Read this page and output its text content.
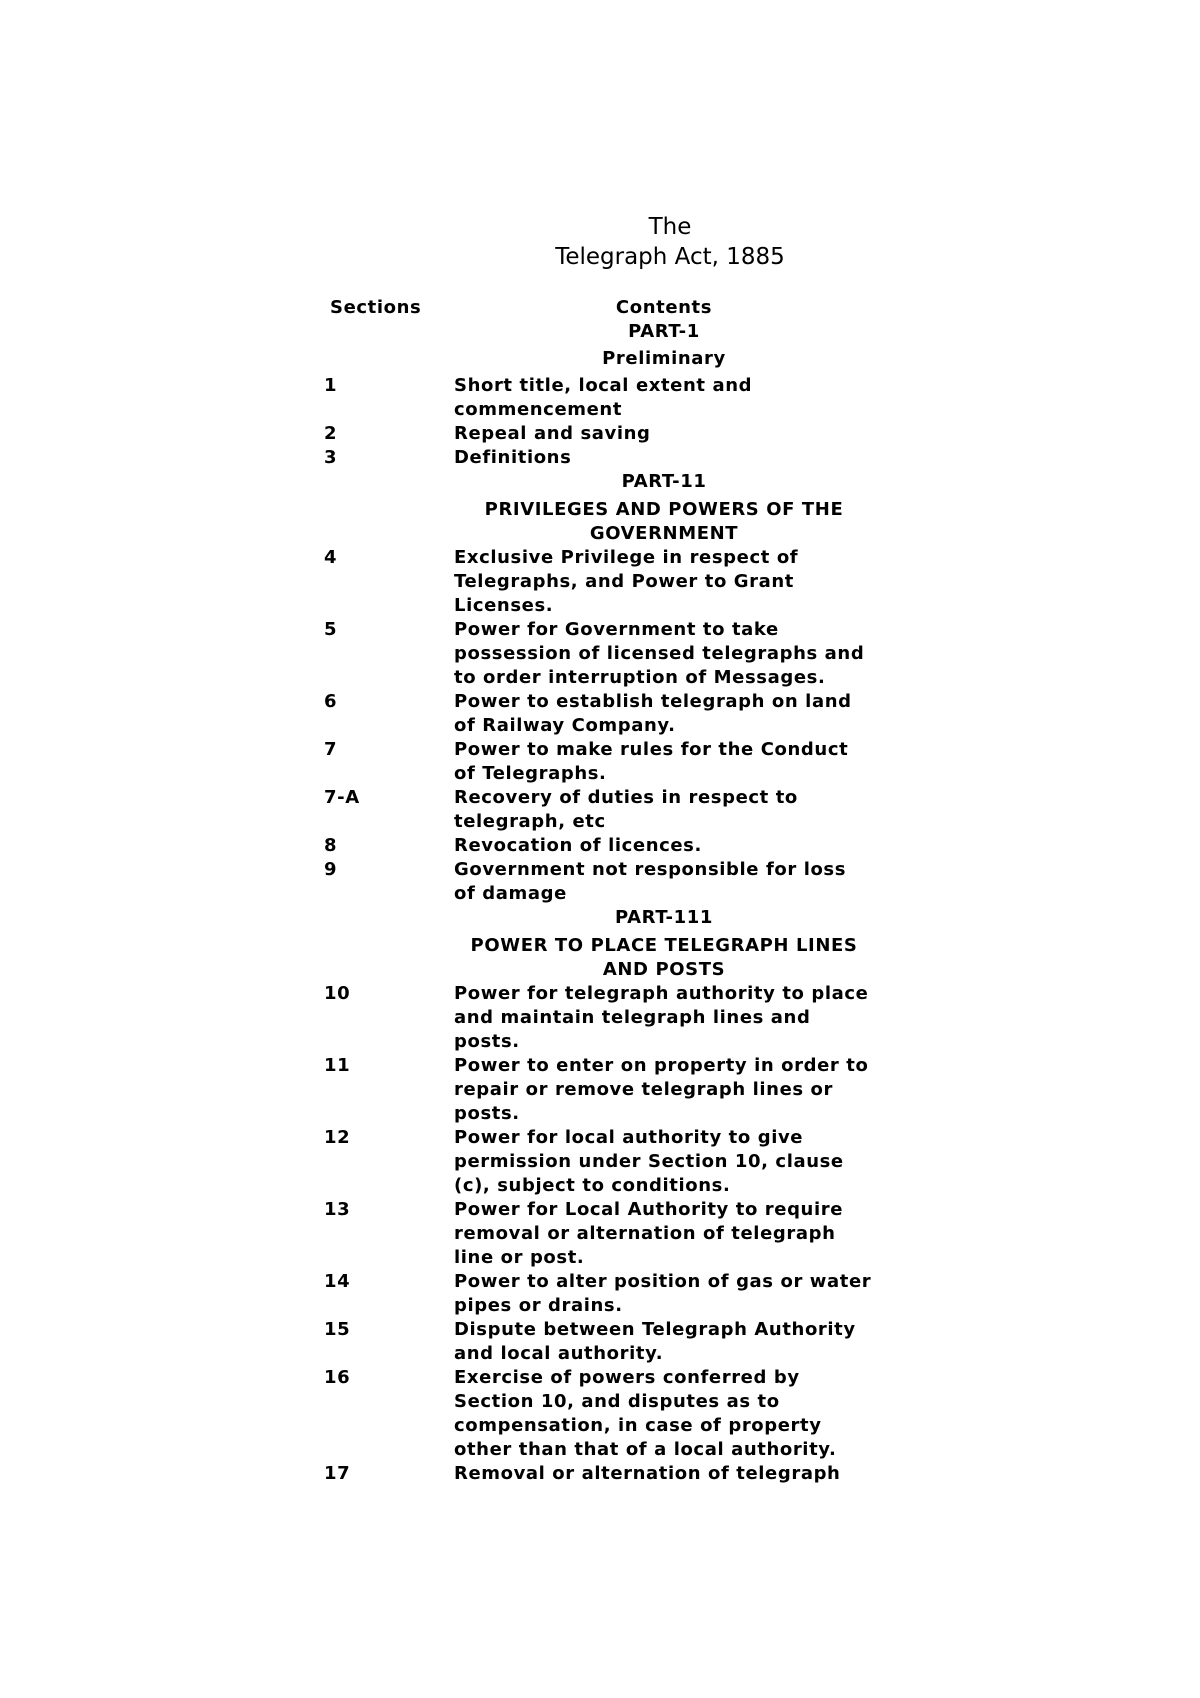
The
Telegraph Act, 1885
Sections	Contents
PART-1
Preliminary
1	Short title, local extent and
commencement
2	Repeal and saving
3	Definitions
PART-11
PRIVILEGES AND POWERS OF THE
GOVERNMENT
4	Exclusive Privilege in respect of
Telegraphs, and Power to Grant
Licenses.
5	Power for Government to take
possession of licensed telegraphs and
to order interruption of Messages.
6	Power to establish telegraph on land
of Railway Company.
7	Power to make rules for the Conduct
of Telegraphs.
7-A	Recovery of duties in respect to
telegraph, etc
8	Revocation of licences.
9	Government not responsible for loss
of damage
PART-111
POWER TO PLACE TELEGRAPH LINES
AND POSTS
10	Power for telegraph authority to place
and maintain telegraph lines and
posts.
11	Power to enter on property in order to
repair or remove telegraph lines or
posts.
12	Power for local authority to give
permission under Section 10, clause
(c), subject to conditions.
13	Power for Local Authority to require
removal or alternation of telegraph
line or post.
14	Power to alter position of gas or water
pipes or drains.
15	Dispute between Telegraph Authority
and local authority.
16	Exercise of powers conferred by
Section 10, and disputes as to
compensation, in case of property
other than that of a local authority.
17	Removal or alternation of telegraph
